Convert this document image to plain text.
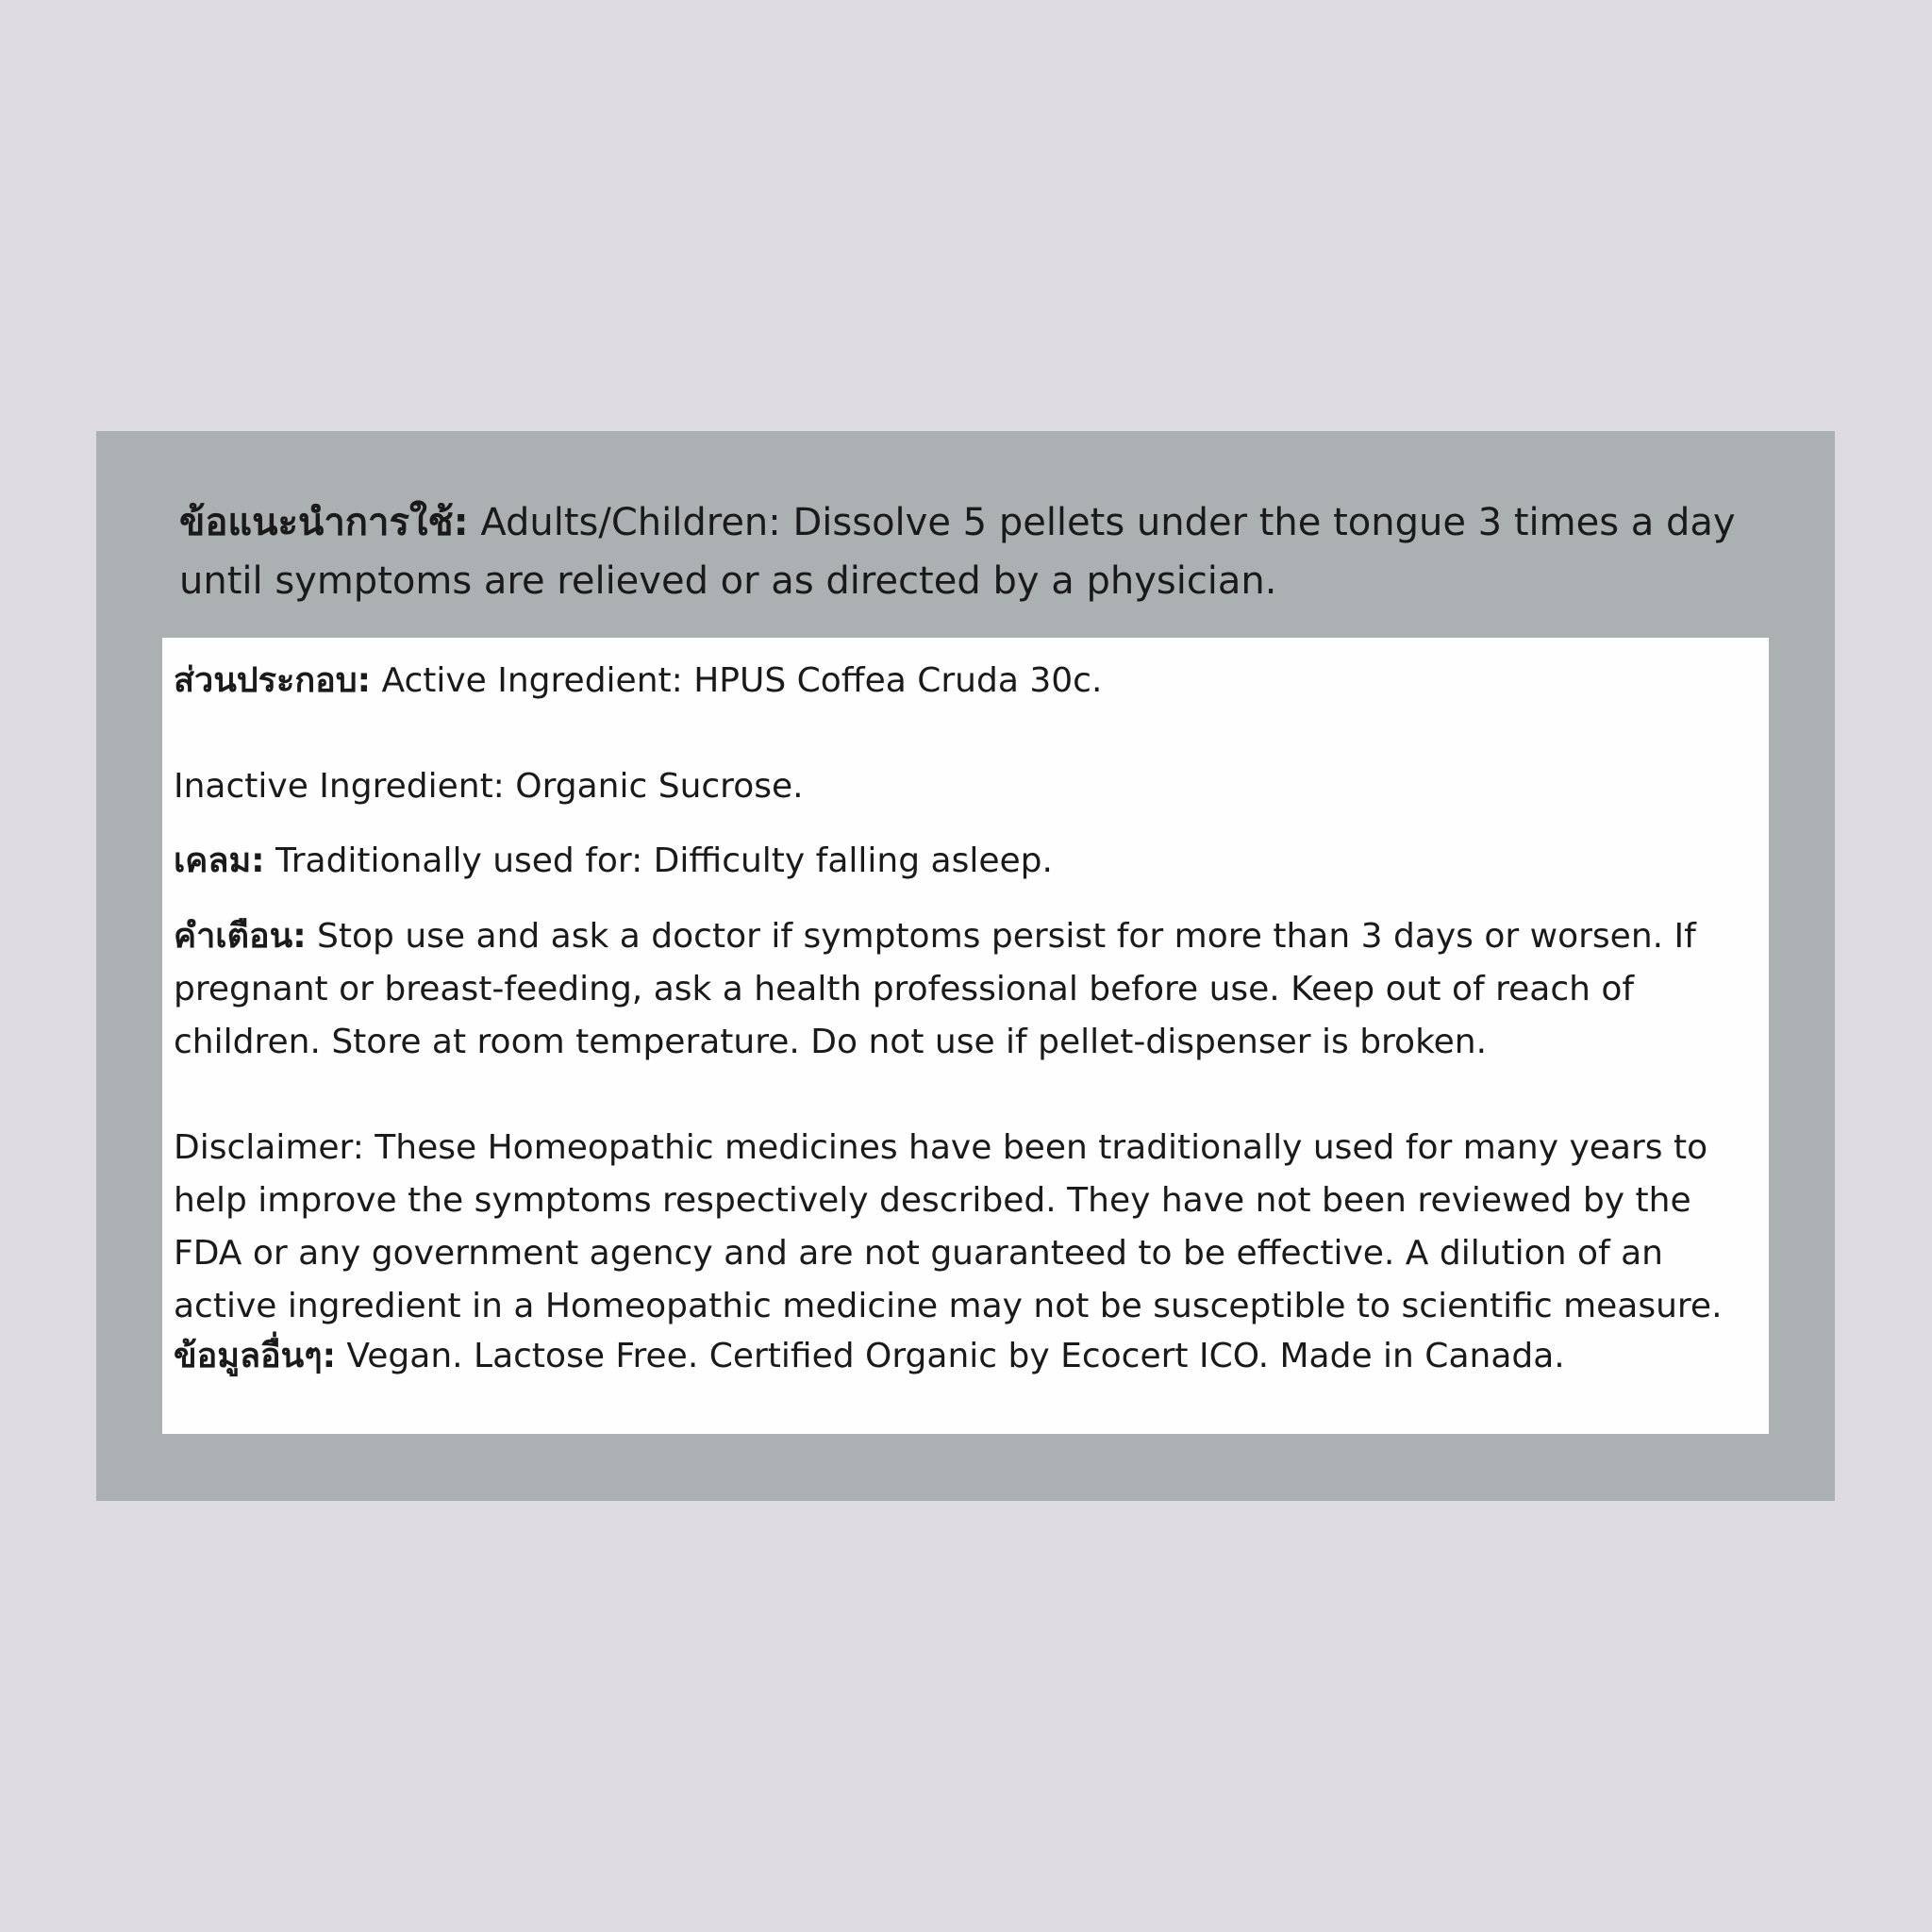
ข้อแนะนำการใช้: Adults/Children: Dissolve 5 pellets under the tongue 3 times a day until symptoms are relieved or as directed by a physician.

ส่วนประกอบ: Active Ingredient: HPUS Coffea Cruda 30c.

Inactive Ingredient: Organic Sucrose.

เคลม: Traditionally used for: Difficulty falling asleep.

คำเตือน: Stop use and ask a doctor if symptoms persist for more than 3 days or worsen. If pregnant or breast-feeding, ask a health professional before use. Keep out of reach of children. Store at room temperature. Do not use if pellet-dispenser is broken.

Disclaimer: These Homeopathic medicines have been traditionally used for many years to help improve the symptoms respectively described. They have not been reviewed by the FDA or any government agency and are not guaranteed to be effective. A dilution of an active ingredient in a Homeopathic medicine may not be susceptible to scientific measure.

ข้อมูลอื่นๆ: Vegan. Lactose Free. Certified Organic by Ecocert ICO. Made in Canada.
